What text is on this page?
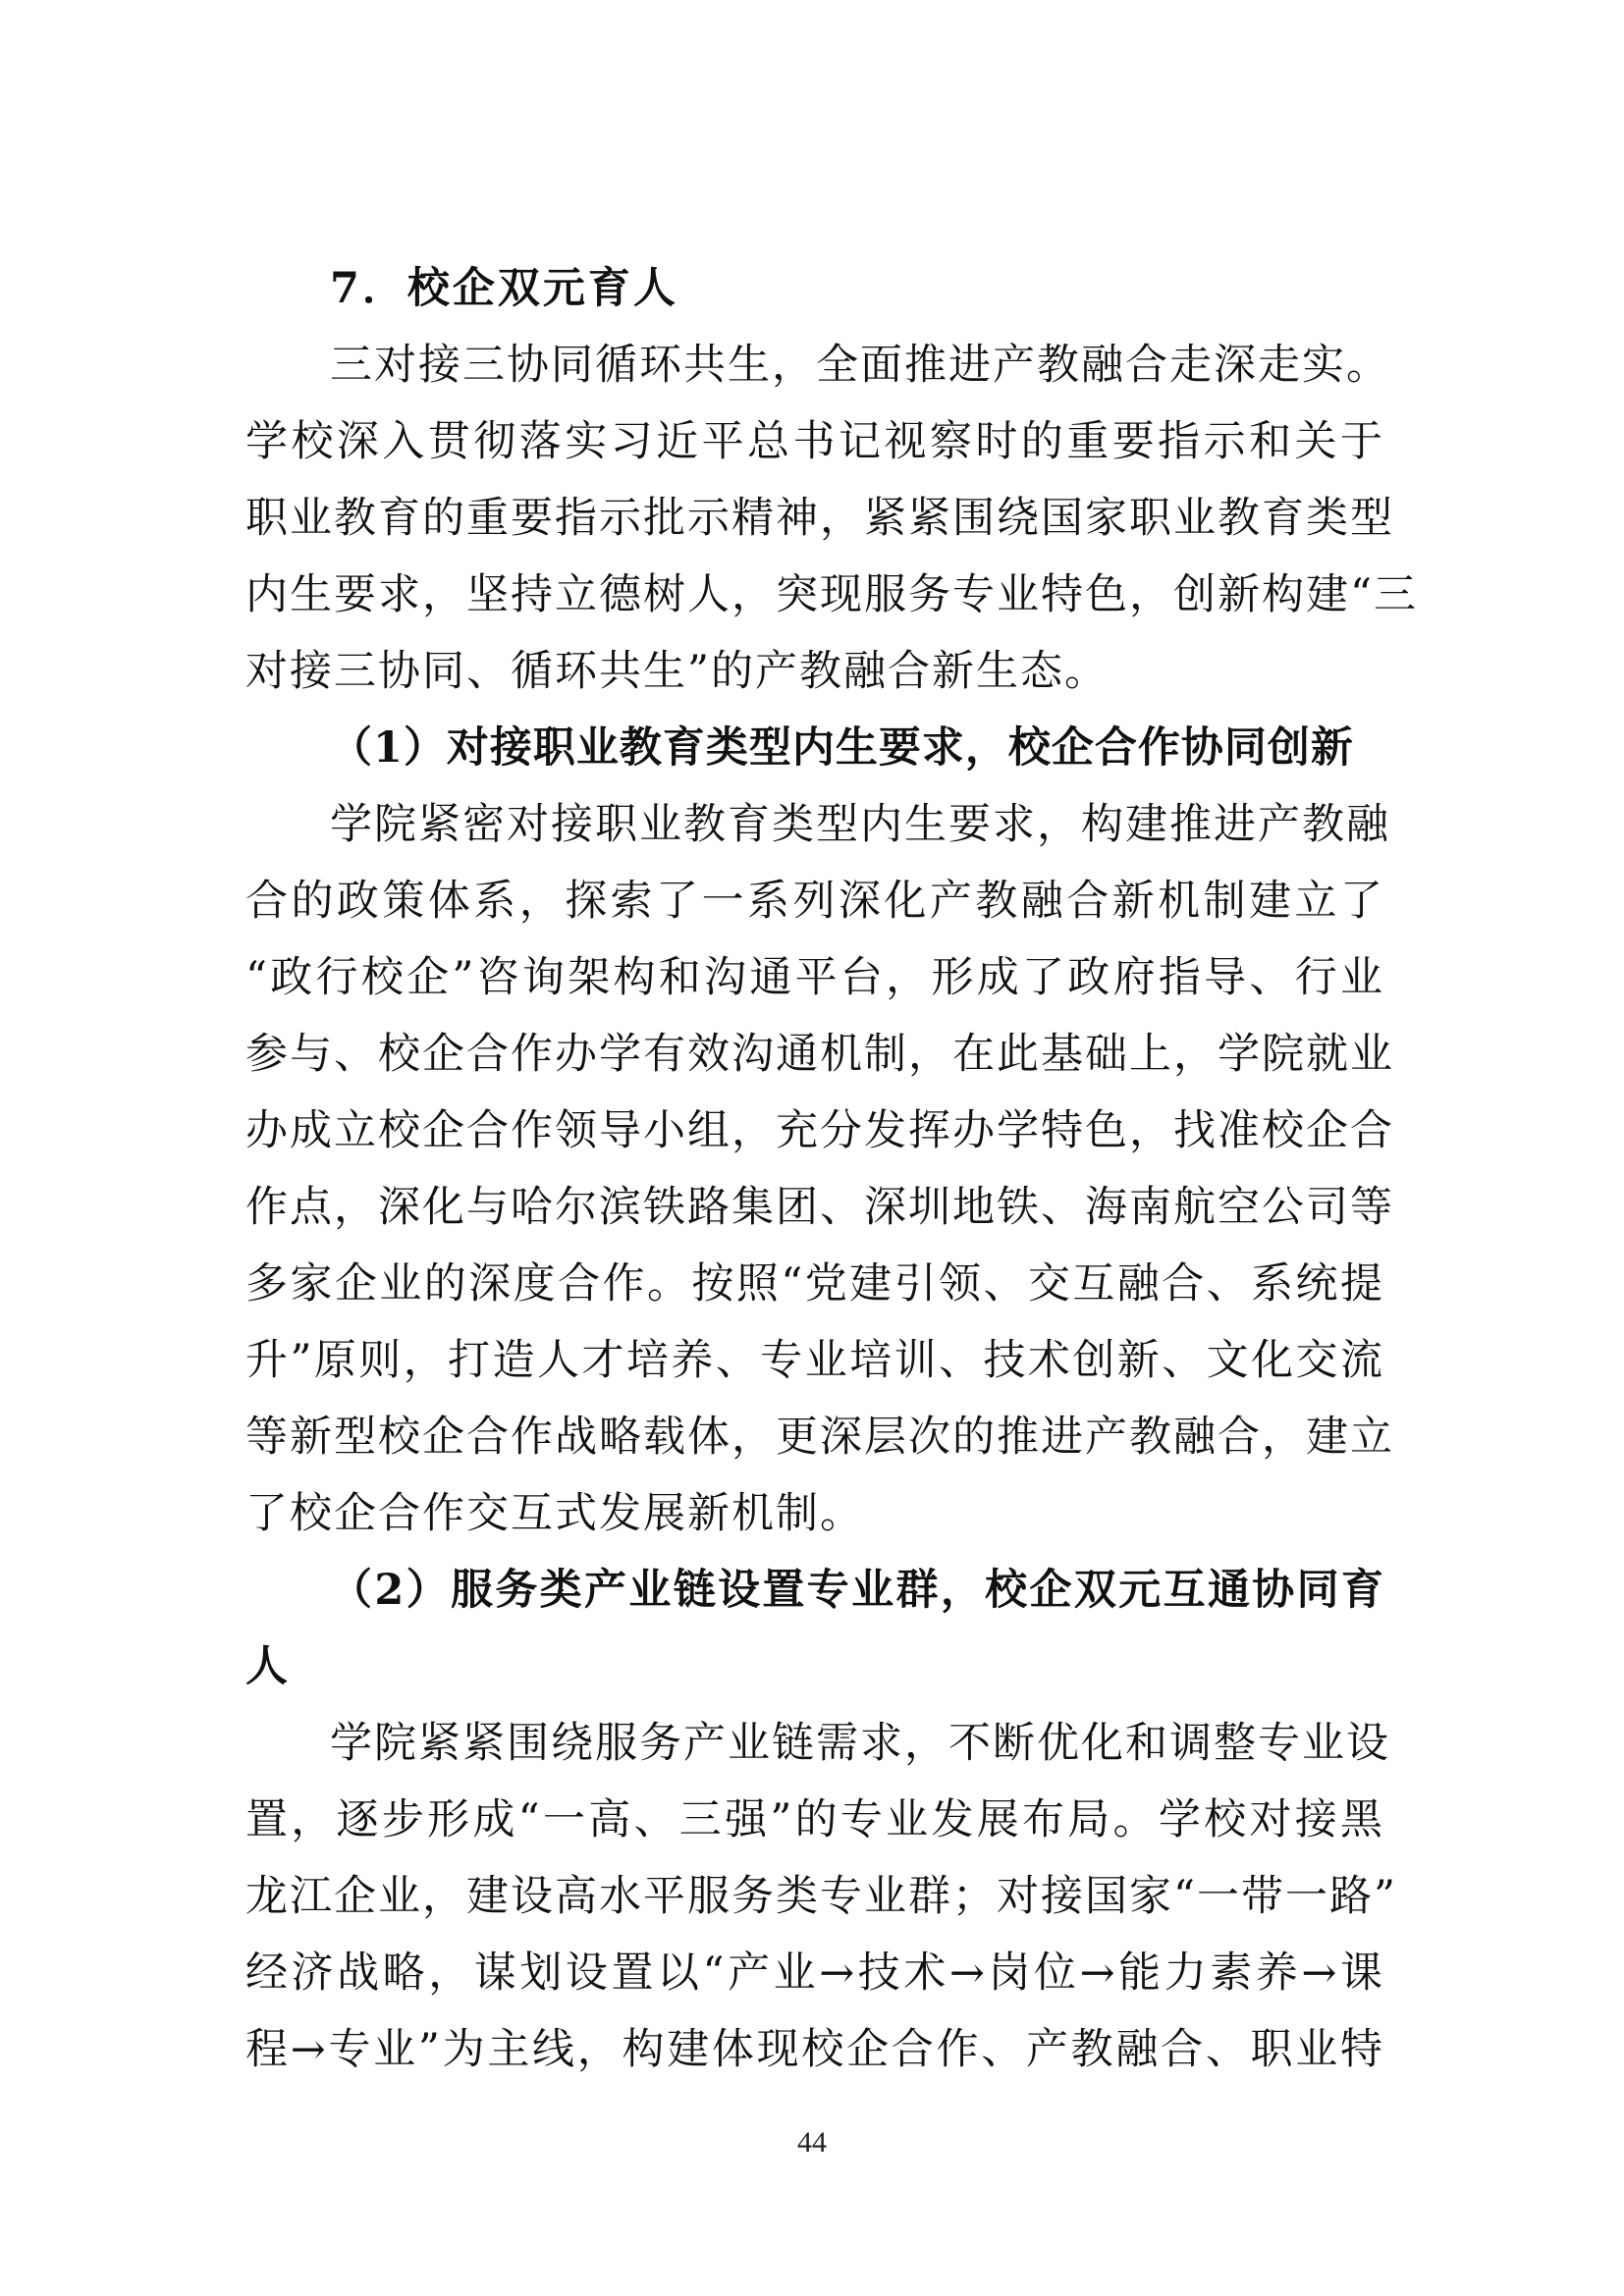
7．校企双元育人
三对接三协同循环共生，全面推进产教融合走深走实。
学校深入贯彻落实习近平总书记视察时的重要指示和关于
职业教育的重要指示批示精神，紧紧围绕国家职业教育类型
内生要求，坚持立德树人，突现服务专业特色，创新构建“三
对接三协同、循环共生”的产教融合新生态。
（1）对接职业教育类型内生要求，校企合作协同创新
学院紧密对接职业教育类型内生要求，构建推进产教融
合的政策体系，探索了一系列深化产教融合新机制建立了
“政行校企”咨询架构和沟通平台，形成了政府指导、行业
参与、校企合作办学有效沟通机制，在此基础上，学院就业
办成立校企合作领导小组，充分发挥办学特色，找准校企合
作点，深化与哈尔滨铁路集团、深圳地铁、海南航空公司等
多家企业的深度合作。按照“党建引领、交互融合、系统提
升”原则，打造人才培养、专业培训、技术创新、文化交流
等新型校企合作战略载体，更深层次的推进产教融合，建立
了校企合作交互式发展新机制。
（2）服务类产业链设置专业群，校企双元互通协同育
人
学院紧紧围绕服务产业链需求，不断优化和调整专业设
置，逐步形成“一高、三强”的专业发展布局。学校对接黑
龙江企业，建设高水平服务类专业群；对接国家“一带一路”
经济战略，谋划设置以“产业→技术→岗位→能力素养→课
程→专业”为主线，构建体现校企合作、产教融合、职业特
44
